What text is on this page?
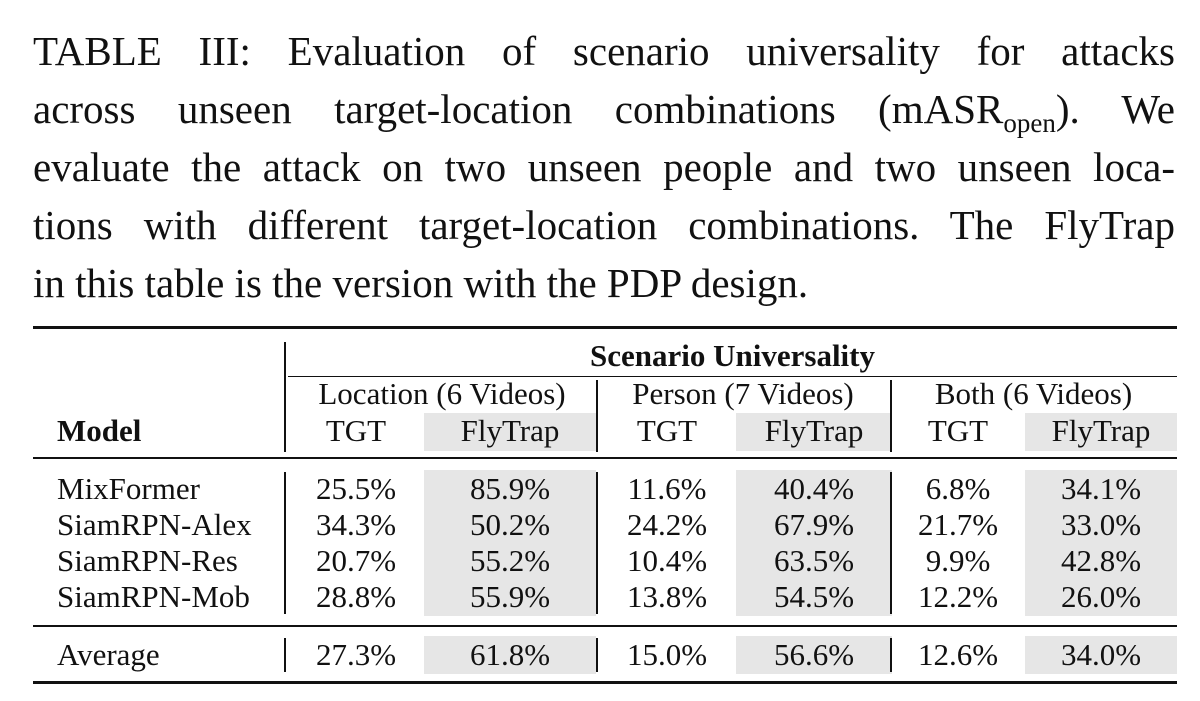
TABLE III: Evaluation of scenario universality for attacks
across unseen target-location combinations (mASR$_{open}$). We
evaluate the attack on two unseen people and two unseen loca-
tions with different target-location combinations. The FlyTrap
in this table is the version with the PDP design.
Scenario Universality
Model
Location (6 Videos)
TGT	FlyTrap
Person (7 Videos)
TGT	FlyTrap
Both (6 Videos)
TGT	FlyTrap
MixFormer	25.5%	85.9%	11.6%	40.4%	6.8%	34.1%
SiamRPN-Alex	34.3%	50.2%	24.2%	67.9%	21.7%	33.0%
SiamRPN-Res	20.7%	55.2%	10.4%	63.5%	9.9%	42.8%
SiamRPN-Mob	28.8%	55.9%	13.8%	54.5%	12.2%	26.0%
Average	27.3%	61.8%	15.0%	56.6%	12.6%	34.0%
